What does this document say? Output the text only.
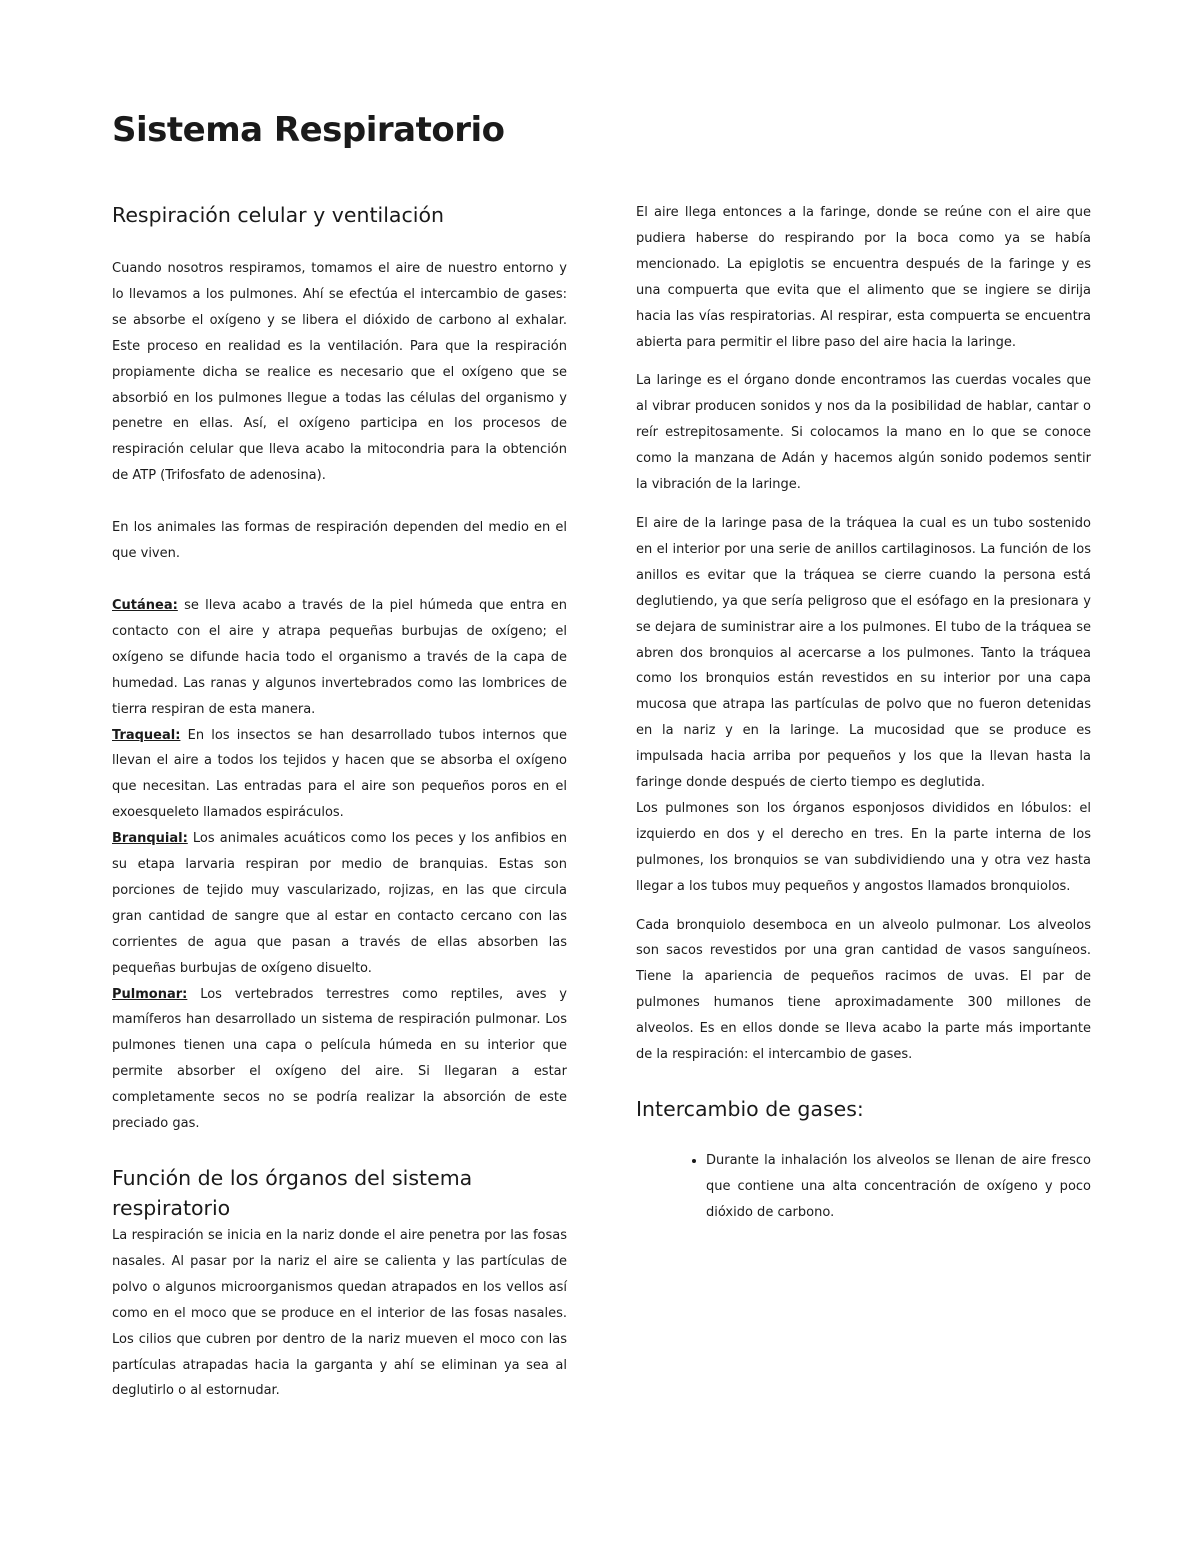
Sistema Respiratorio
Respiración celular y ventilación

Cuando nosotros respiramos, tomamos el aire de nuestro entorno y lo llevamos a los pulmones. Ahí se efectúa el intercambio de gases: se absorbe el oxígeno y se libera el dióxido de carbono al exhalar. Este proceso en realidad es la ventilación. Para que la respiración propiamente dicha se realice es necesario que el oxígeno que se absorbió en los pulmones llegue a todas las células del organismo y penetre en ellas. Así, el oxígeno participa en los procesos de respiración celular que lleva acabo la mitocondria para la obtención de ATP (Trifosfato de adenosina).

En los animales las formas de respiración dependen del medio en el que viven.

Cutánea: se lleva acabo a través de la piel húmeda que entra en contacto con el aire y atrapa pequeñas burbujas de oxígeno; el oxígeno se difunde hacia todo el organismo a través de la capa de humedad. Las ranas y algunos invertebrados como las lombrices de tierra respiran de esta manera.

Traqueal: En los insectos se han desarrollado tubos internos que llevan el aire a todos los tejidos y hacen que se absorba el oxígeno que necesitan. Las entradas para el aire son pequeños poros en el exoesqueleto llamados espiráculos.

Branquial: Los animales acuáticos como los peces y los anfibios en su etapa larvaria respiran por medio de branquias. Estas son porciones de tejido muy vascularizado, rojizas, en las que circula gran cantidad de sangre que al estar en contacto cercano con las corrientes de agua que pasan a través de ellas absorben las pequeñas burbujas de oxígeno disuelto.

Pulmonar: Los vertebrados terrestres como reptiles, aves y mamíferos han desarrollado un sistema de respiración pulmonar. Los pulmones tienen una capa o película húmeda en su interior que permite absorber el oxígeno del aire. Si llegaran a estar completamente secos no se podría realizar la absorción de este preciado gas.

Función de los órganos del sistema respiratorio

La respiración se inicia en la nariz donde el aire penetra por las fosas nasales. Al pasar por la nariz el aire se calienta y las partículas de polvo o algunos microorganismos quedan atrapados en los vellos así como en el moco que se produce en el interior de las fosas nasales. Los cilios que cubren por dentro de la nariz mueven el moco con las partículas atrapadas hacia la garganta y ahí se eliminan ya sea al deglutirlo o al estornudar.

El aire llega entonces a la faringe, donde se reúne con el aire que pudiera haberse do respirando por la boca como ya se había mencionado. La epiglotis se encuentra después de la faringe y es una compuerta que evita que el alimento que se ingiere se dirija hacia las vías respiratorias. Al respirar, esta compuerta se encuentra abierta para permitir el libre paso del aire hacia la laringe.

La laringe es el órgano donde encontramos las cuerdas vocales que al vibrar producen sonidos y nos da la posibilidad de hablar, cantar o reír estrepitosamente. Si colocamos la mano en lo que se conoce como la manzana de Adán y hacemos algún sonido podemos sentir la vibración de la laringe.

El aire de la laringe pasa de la tráquea la cual es un tubo sostenido en el interior por una serie de anillos cartilaginosos. La función de los anillos es evitar que la tráquea se cierre cuando la persona está deglutiendo, ya que sería peligroso que el esófago en la presionara y se dejara de suministrar aire a los pulmones. El tubo de la tráquea se abren dos bronquios al acercarse a los pulmones. Tanto la tráquea como los bronquios están revestidos en su interior por una capa mucosa que atrapa las partículas de polvo que no fueron detenidas en la nariz y en la laringe. La mucosidad que se produce es impulsada hacia arriba por pequeños y los que la llevan hasta la faringe donde después de cierto tiempo es deglutida.

Los pulmones son los órganos esponjosos divididos en lóbulos: el izquierdo en dos y el derecho en tres. En la parte interna de los pulmones, los bronquios se van subdividiendo una y otra vez hasta llegar a los tubos muy pequeños y angostos llamados bronquiolos.

Cada bronquiolo desemboca en un alveolo pulmonar. Los alveolos son sacos revestidos por una gran cantidad de vasos sanguíneos. Tiene la apariencia de pequeños racimos de uvas. El par de pulmones humanos tiene aproximadamente 300 millones de alveolos. Es en ellos donde se lleva acabo la parte más importante de la respiración: el intercambio de gases.

Intercambio de gases:
• Durante la inhalación los alveolos se llenan de aire fresco que contiene una alta concentración de oxígeno y poco dióxido de carbono.
